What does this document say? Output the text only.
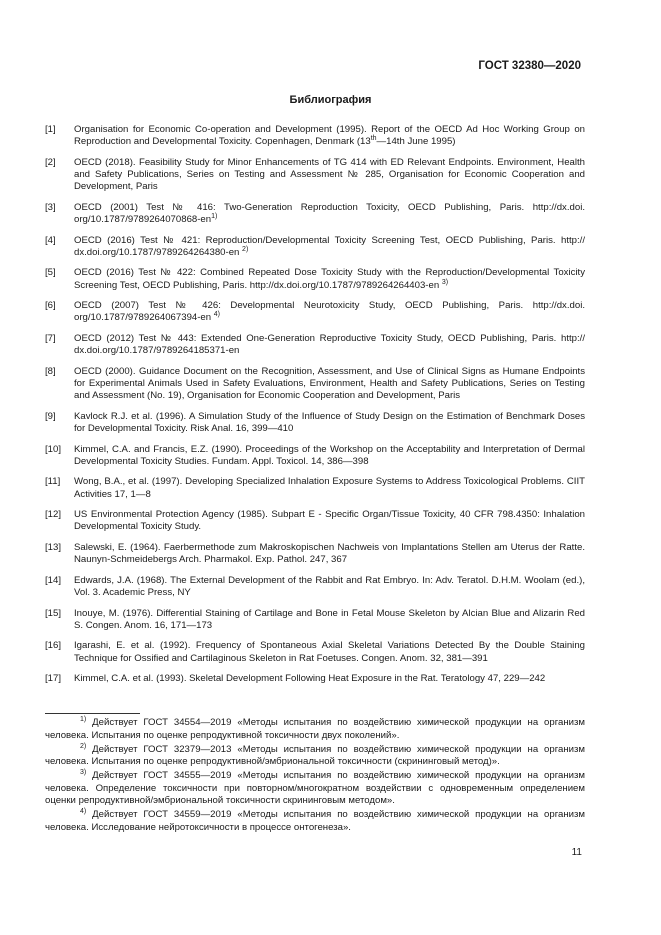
ГОСТ 32380—2020
Библиография
[1]	Organisation for Economic Co-operation and Development (1995). Report of the OECD Ad Hoc Working Group on Reproduction and Developmental Toxicity. Copenhagen, Denmark (13th—14th June 1995)
[2]	OECD (2018). Feasibility Study for Minor Enhancements of TG 414 with ED Relevant Endpoints. Environment, Health and Safety Publications, Series on Testing and Assessment № 285, Organisation for Economic Cooperation and Development, Paris
[3]	OECD (2001) Test № 416: Two-Generation Reproduction Toxicity, OECD Publishing, Paris. http://dx.doi. org/$10.1787/9789264070868-en^{1)}$
[4]	OECD (2016) Test № 421: Reproduction/Developmental Toxicity Screening Test, OECD Publishing, Paris. http:// dx.doi.org/10.1787/9789264264380-en $^{2)}$
[5]	OECD (2016) Test № 422: Combined Repeated Dose Toxicity Study with the Reproduction/Developmental Toxicity Screening Test, OECD Publishing, Paris. http://dx.doi.org/10.1787/9789264264403-en $^{3)}$
[6]	OECD (2007) Test № 426: Developmental Neurotoxicity Study, OECD Publishing, Paris. http://dx.doi. org/10.1787/9789264067394-en $^{4)}$
[7]	OECD (2012) Test № 443: Extended One-Generation Reproductive Toxicity Study, OECD Publishing, Paris. http:// dx.doi.org/10.1787/9789264185371-en
[8]	OECD (2000). Guidance Document on the Recognition, Assessment, and Use of Clinical Signs as Humane Endpoints for Experimental Animals Used in Safety Evaluations, Environment, Health and Safety Publications, Series on Testing and Assessment (No. 19), Organisation for Economic Cooperation and Development, Paris
[9]	Kavlock R.J. et al. (1996). A Simulation Study of the Influence of Study Design on the Estimation of Benchmark Doses for Developmental Toxicity. Risk Anal. 16, 399—410
[10]	Kimmel, C.A. and Francis, E.Z. (1990). Proceedings of the Workshop on the Acceptability and Interpretation of Dermal Developmental Toxicity Studies. Fundam. Appl. Toxicol. 14, 386—398
[11]	Wong, B.A., et al. (1997). Developing Specialized Inhalation Exposure Systems to Address Toxicological Problems. CIIT Activities 17, 1—8
[12]	US Environmental Protection Agency (1985). Subpart E - Specific Organ/Tissue Toxicity, 40 CFR 798.4350: Inhalation Developmental Toxicity Study.
[13]	Salewski, E. (1964). Faerbermethode zum Makroskopischen Nachweis von Implantations Stellen am Uterus der Ratte. Naunyn-Schmeidebergs Arch. Pharmakol. Exp. Pathol. 247, 367
[14]	Edwards, J.A. (1968). The External Development of the Rabbit and Rat Embryo. In: Adv. Teratol. D.H.M. Woolam (ed.), Vol. 3. Academic Press, NY
[15]	Inouye, M. (1976). Differential Staining of Cartilage and Bone in Fetal Mouse Skeleton by Alcian Blue and Alizarin Red S. Congen. Anom. 16, 171—173
[16]	Igarashi, E. et al. (1992). Frequency of Spontaneous Axial Skeletal Variations Detected By the Double Staining Technique for Ossified and Cartilaginous Skeleton in Rat Foetuses. Congen. Anom. 32, 381—391
[17]	Kimmel, C.A. et al. (1993). Skeletal Development Following Heat Exposure in the Rat. Teratology 47, 229—242
$^{1)}$ Действует ГОСТ 34554—2019 «Методы испытания по воздействию химической продукции на организм человека. Испытания по оценке репродуктивной токсичности двух поколений».
$^{2)}$ Действует ГОСТ 32379—2013 «Методы испытания по воздействию химической продукции на организм человека. Испытания по оценке репродуктивной/эмбриональной токсичности (скрининговый метод)».
$^{3)}$ Действует ГОСТ 34555—2019 «Методы испытания по воздействию химической продукции на организм человека. Определение токсичности при повторном/многократном воздействии с одновременным определением оценки репродуктивной/эмбриональной токсичности скрининговым методом».
$^{4)}$ Действует ГОСТ 34559—2019 «Методы испытания по воздействию химической продукции на организм человека. Исследование нейротоксичности в процессе онтогенеза».
11
